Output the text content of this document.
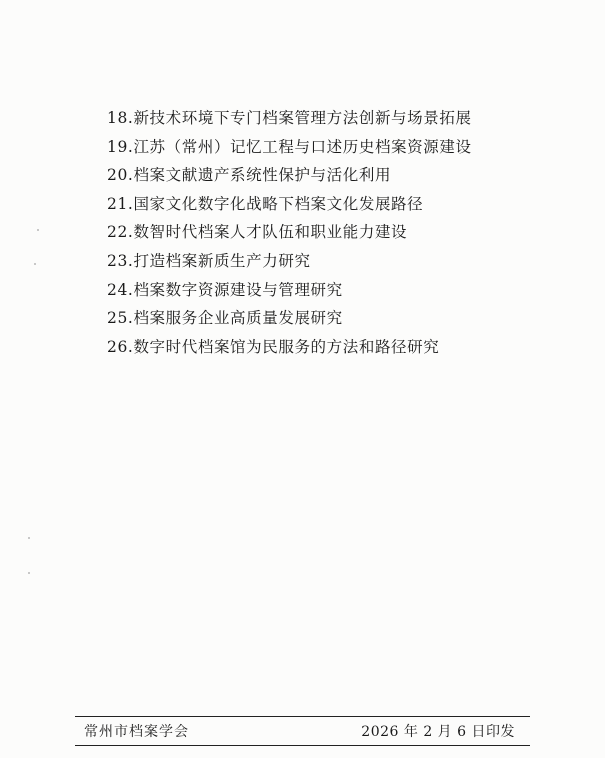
18.新技术环境下专门档案管理方法创新与场景拓展
19.江苏（常州）记忆工程与口述历史档案资源建设
20.档案文献遗产系统性保护与活化利用
21.国家文化数字化战略下档案文化发展路径
22.数智时代档案人才队伍和职业能力建设
23.打造档案新质生产力研究
24.档案数字资源建设与管理研究
25.档案服务企业高质量发展研究
26.数字时代档案馆为民服务的方法和路径研究
常州市档案学会	2026 年 2 月 6 日印发
